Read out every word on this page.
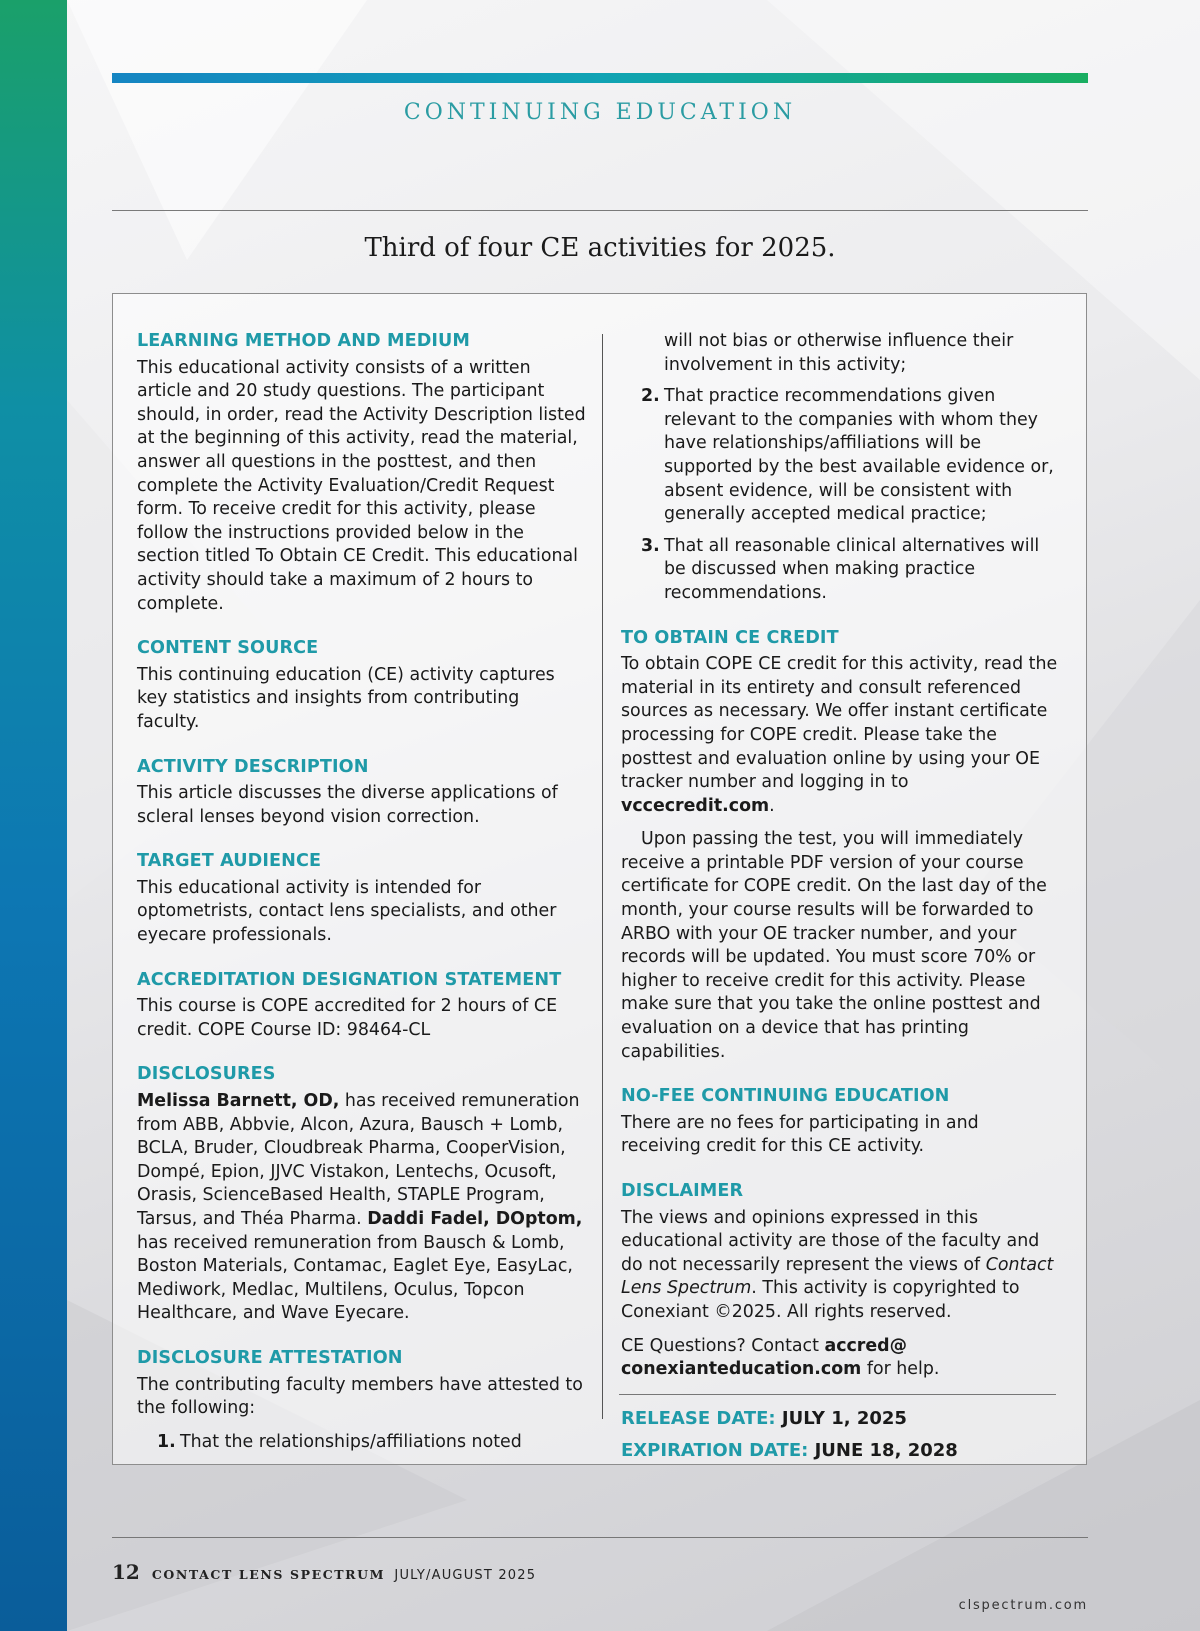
CONTINUING EDUCATION
Third of four CE activities for 2025.
LEARNING METHOD AND MEDIUM
This educational activity consists of a written article and 20 study questions. The participant should, in order, read the Activity Description listed at the beginning of this activity, read the material, answer all questions in the posttest, and then complete the Activity Evaluation/Credit Request form. To receive credit for this activity, please follow the instructions provided below in the section titled To Obtain CE Credit. This educational activity should take a maximum of 2 hours to complete.
CONTENT SOURCE
This continuing education (CE) activity captures key statistics and insights from contributing faculty.
ACTIVITY DESCRIPTION
This article discusses the diverse applications of scleral lenses beyond vision correction.
TARGET AUDIENCE
This educational activity is intended for optometrists, contact lens specialists, and other eyecare professionals.
ACCREDITATION DESIGNATION STATEMENT
This course is COPE accredited for 2 hours of CE credit. COPE Course ID: 98464-CL
DISCLOSURES
Melissa Barnett, OD, has received remuneration from ABB, Abbvie, Alcon, Azura, Bausch + Lomb, BCLA, Bruder, Cloudbreak Pharma, CooperVision, Dompé, Epion, JJVC Vistakon, Lentechs, Ocusoft, Orasis, ScienceBased Health, STAPLE Program, Tarsus, and Théa Pharma. Daddi Fadel, DOptom, has received remuneration from Bausch & Lomb, Boston Materials, Contamac, Eaglet Eye, EasyLac, Mediwork, Medlac, Multilens, Oculus, Topcon Healthcare, and Wave Eyecare.
DISCLOSURE ATTESTATION
The contributing faculty members have attested to the following:
1. That the relationships/affiliations noted
will not bias or otherwise influence their involvement in this activity;
2. That practice recommendations given relevant to the companies with whom they have relationships/affiliations will be supported by the best available evidence or, absent evidence, will be consistent with generally accepted medical practice;
3. That all reasonable clinical alternatives will be discussed when making practice recommendations.
TO OBTAIN CE CREDIT
To obtain COPE CE credit for this activity, read the material in its entirety and consult referenced sources as necessary. We offer instant certificate processing for COPE credit. Please take the posttest and evaluation online by using your OE tracker number and logging in to vccecredit.com.
Upon passing the test, you will immediately receive a printable PDF version of your course certificate for COPE credit. On the last day of the month, your course results will be forwarded to ARBO with your OE tracker number, and your records will be updated. You must score 70% or higher to receive credit for this activity. Please make sure that you take the online posttest and evaluation on a device that has printing capabilities.
NO-FEE CONTINUING EDUCATION
There are no fees for participating in and receiving credit for this CE activity.
DISCLAIMER
The views and opinions expressed in this educational activity are those of the faculty and do not necessarily represent the views of Contact Lens Spectrum. This activity is copyrighted to Conexiant ©2025. All rights reserved.
CE Questions? Contact accred@ conexianteducation.com for help.
RELEASE DATE: JULY 1, 2025
EXPIRATION DATE: JUNE 18, 2028
12 CONTACT LENS SPECTRUM JULY/AUGUST 2025
clspectrum.com
